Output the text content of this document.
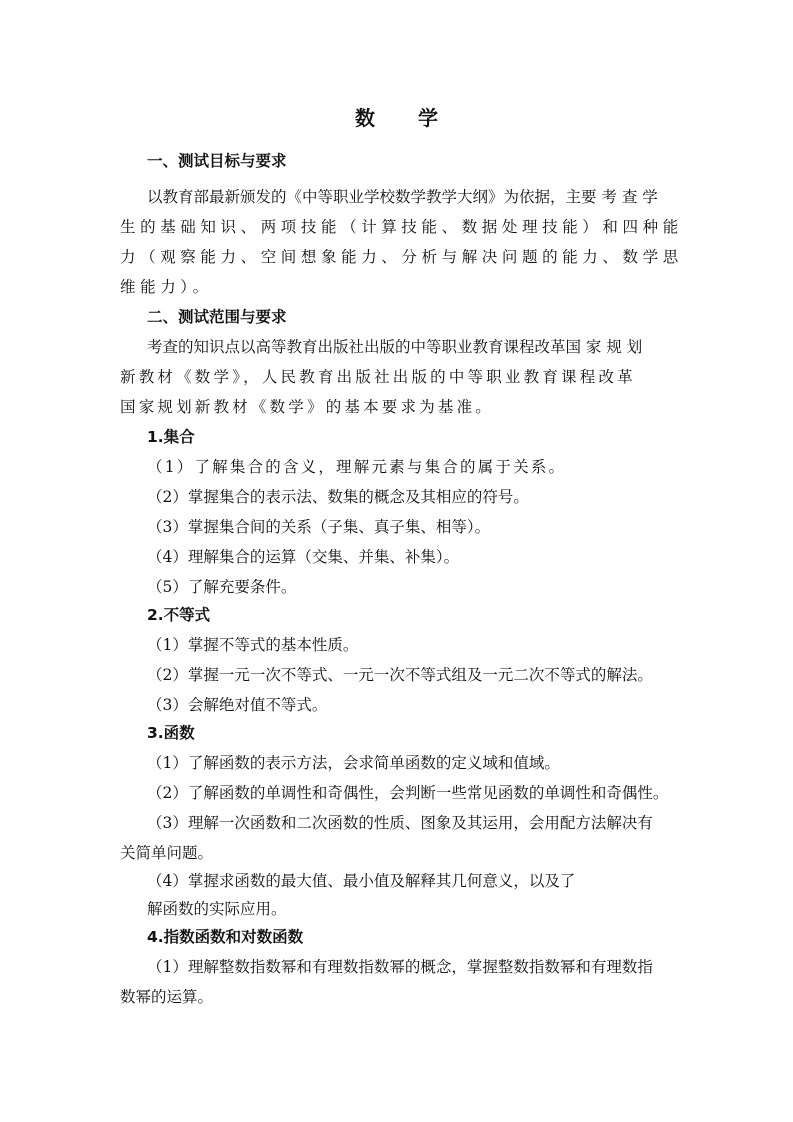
数 学
一、测试目标与要求
以教育部最新颁发的《中等职业学校数学教学大纲》为依据，主要 考 查 学
生的基础知识、两项技能（计算技能、数据处理技能）和四种能
力（观察能力、空间想象能力、分析与解决问题的能力、数学思
维能力）。
二、测试范围与要求
考查的知识点以高等教育出版社出版的中等职业教育课程改革国 家 规 划
新教材《数学》，人民教育出版社出版的中等职业教育课程改革
国家规划新教材《数学》的基本要求为基准。
1.集合
（1）了解集合的含义，理解元素与集合的属于关系。
（2）掌握集合的表示法、数集的概念及其相应的符号。
（3）掌握集合间的关系（子集、真子集、相等）。
（4）理解集合的运算（交集、并集、补集）。
（5）了解充要条件。
2.不等式
（1）掌握不等式的基本性质。
（2）掌握一元一次不等式、一元一次不等式组及一元二次不等式的解法。
（3）会解绝对值不等式。
3.函数
（1）了解函数的表示方法，会求简单函数的定义域和值域。
（2）了解函数的单调性和奇偶性，会判断一些常见函数的单调性和奇偶性。
（3）理解一次函数和二次函数的性质、图象及其运用，会用配方法解决有
关简单问题。
（4）掌握求函数的最大值、最小值及解释其几何意义，以及了
解函数的实际应用。
4.指数函数和对数函数
（1）理解整数指数幂和有理数指数幂的概念，掌握整数指数幂和有理数指
数幂的运算。
